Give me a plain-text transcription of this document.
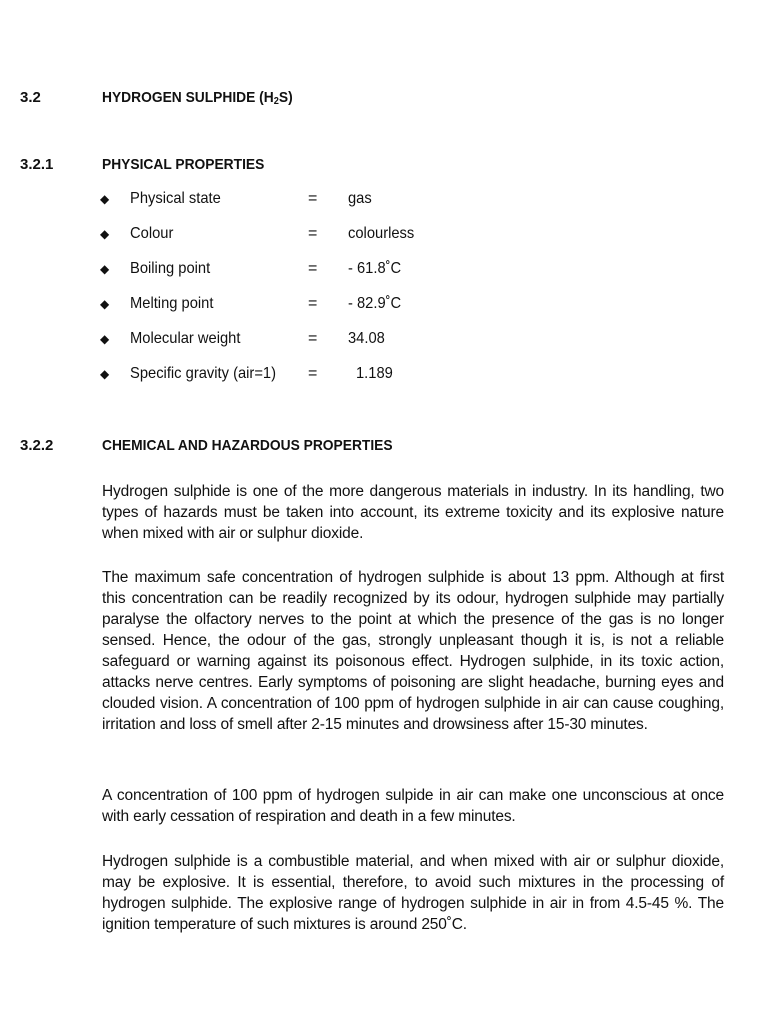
3.2	HYDROGEN SULPHIDE $(H_2S)$
3.2.1	PHYSICAL PROPERTIES
◆ Physical state	= gas
◆ Colour	= colourless
◆ Boiling point	= - 61.8˚C
◆ Melting point	= - 82.9˚C
◆ Molecular weight	= 34.08
◆ Specific gravity (air=1) = 1.189
3.2.2	CHEMICAL AND HAZARDOUS PROPERTIES
Hydrogen sulphide is one of the more dangerous materials in industry. In its handling, two types of hazards must be taken into account, its extreme toxicity and its explosive nature when mixed with air or sulphur dioxide.
The maximum safe concentration of hydrogen sulphide is about 13 ppm. Although at first this concentration can be readily recognized by its odour, hydrogen sulphide may partially paralyse the olfactory nerves to the point at which the presence of the gas is no longer sensed. Hence, the odour of the gas, strongly unpleasant though it is, is not a reliable safeguard or warning against its poisonous effect. Hydrogen sulphide, in its toxic action, attacks nerve centres. Early symptoms of poisoning are slight headache, burning eyes and clouded vision. A concentration of 100 ppm of hydrogen sulphide in air can cause coughing, irritation and loss of smell after 2-15 minutes and drowsiness after 15-30 minutes.
A concentration of 100 ppm of hydrogen sulpide in air can make one unconscious at once with early cessation of respiration and death in a few minutes.
Hydrogen sulphide is a combustible material, and when mixed with air or sulphur dioxide, may be explosive. It is essential, therefore, to avoid such mixtures in the processing of hydrogen sulphide. The explosive range of hydrogen sulphide in air in from 4.5-45 %. The ignition temperature of such mixtures is around 250˚C.
